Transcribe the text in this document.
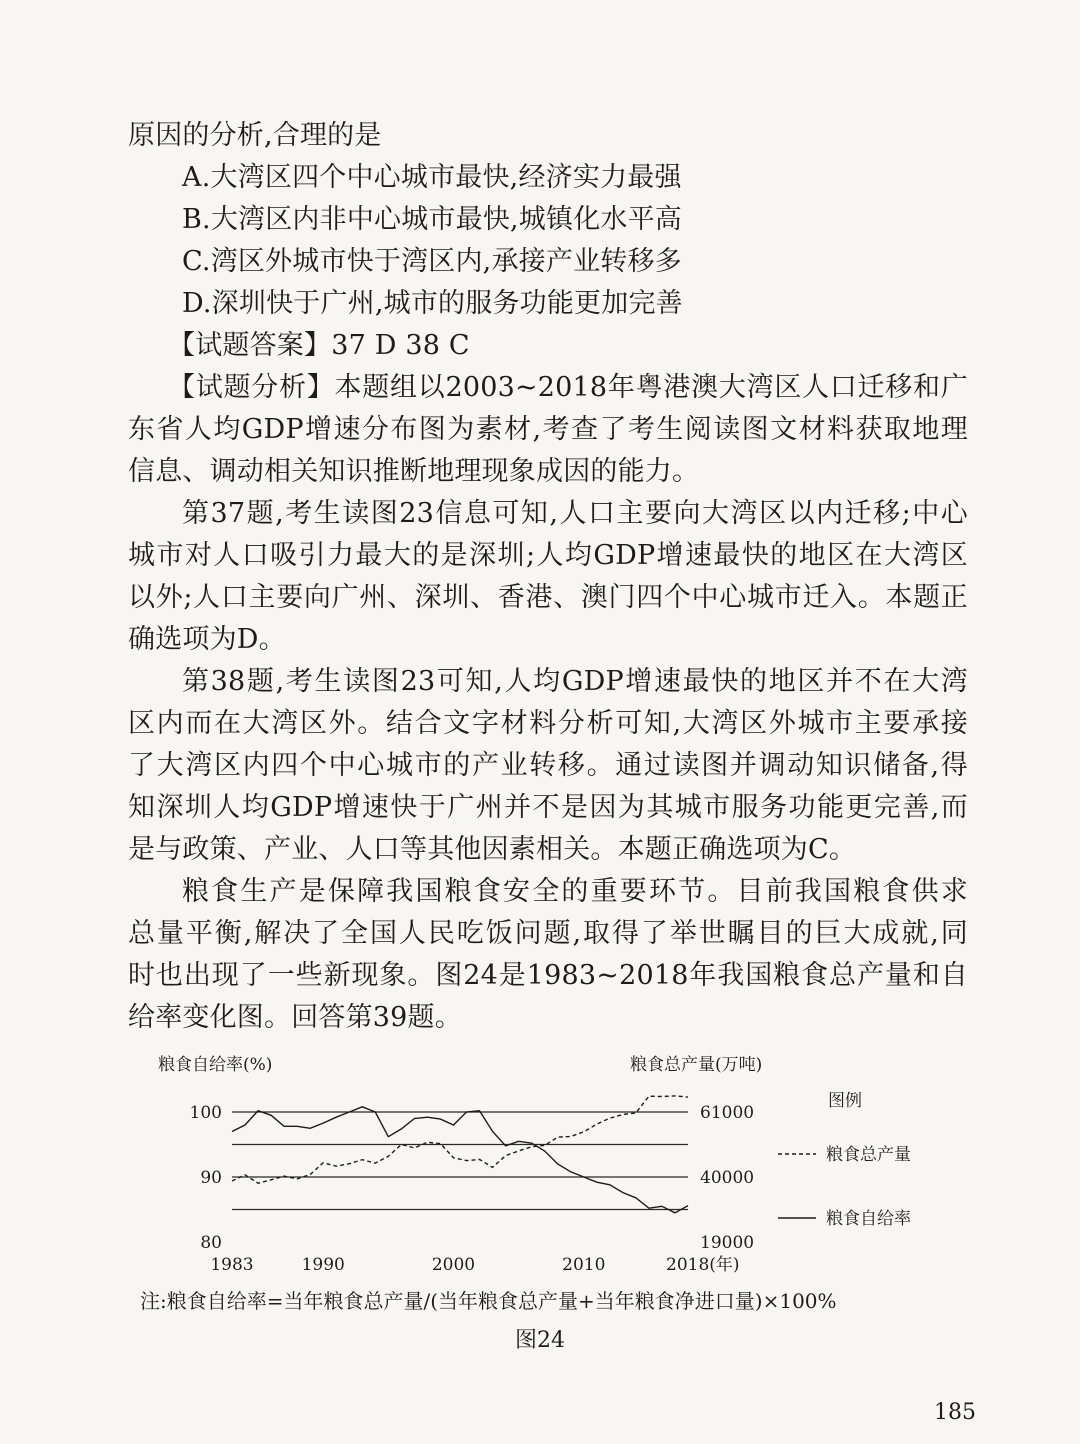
原因的分析,合理的是
A.大湾区四个中心城市最快,经济实力最强
B.大湾区内非中心城市最快,城镇化水平高
C.湾区外城市快于湾区内,承接产业转移多
D.深圳快于广州,城市的服务功能更加完善
【试题答案】37 D 38 C
【试题分析】本题组以2003~2018年粤港澳大湾区人口迁移和广
东省人均GDP增速分布图为素材,考查了考生阅读图文材料获取地理
信息、调动相关知识推断地理现象成因的能力。
第37题,考生读图23信息可知,人口主要向大湾区以内迁移;中心
城市对人口吸引力最大的是深圳;人均GDP增速最快的地区在大湾区
以外;人口主要向广州、深圳、香港、澳门四个中心城市迁入。本题正
确选项为D。
第38题,考生读图23可知,人均GDP增速最快的地区并不在大湾
区内而在大湾区外。结合文字材料分析可知,大湾区外城市主要承接
了大湾区内四个中心城市的产业转移。通过读图并调动知识储备,得
知深圳人均GDP增速快于广州并不是因为其城市服务功能更完善,而
是与政策、产业、人口等其他因素相关。本题正确选项为C。
粮食生产是保障我国粮食安全的重要环节。目前我国粮食供求
总量平衡,解决了全国人民吃饭问题,取得了举世瞩目的巨大成就,同
时也出现了一些新现象。图24是1983~2018年我国粮食总产量和自
给率变化图。回答第39题。
粮食自给率(%)	粮食总产量(万吨)
100
90
80
61000
40000
19000
1983	1990	2000	2010	2018(年)
图例
粮食总产量
粮食自给率
注:粮食自给率=当年粮食总产量/(当年粮食总产量+当年粮食净进口量)×100%
图24
185
